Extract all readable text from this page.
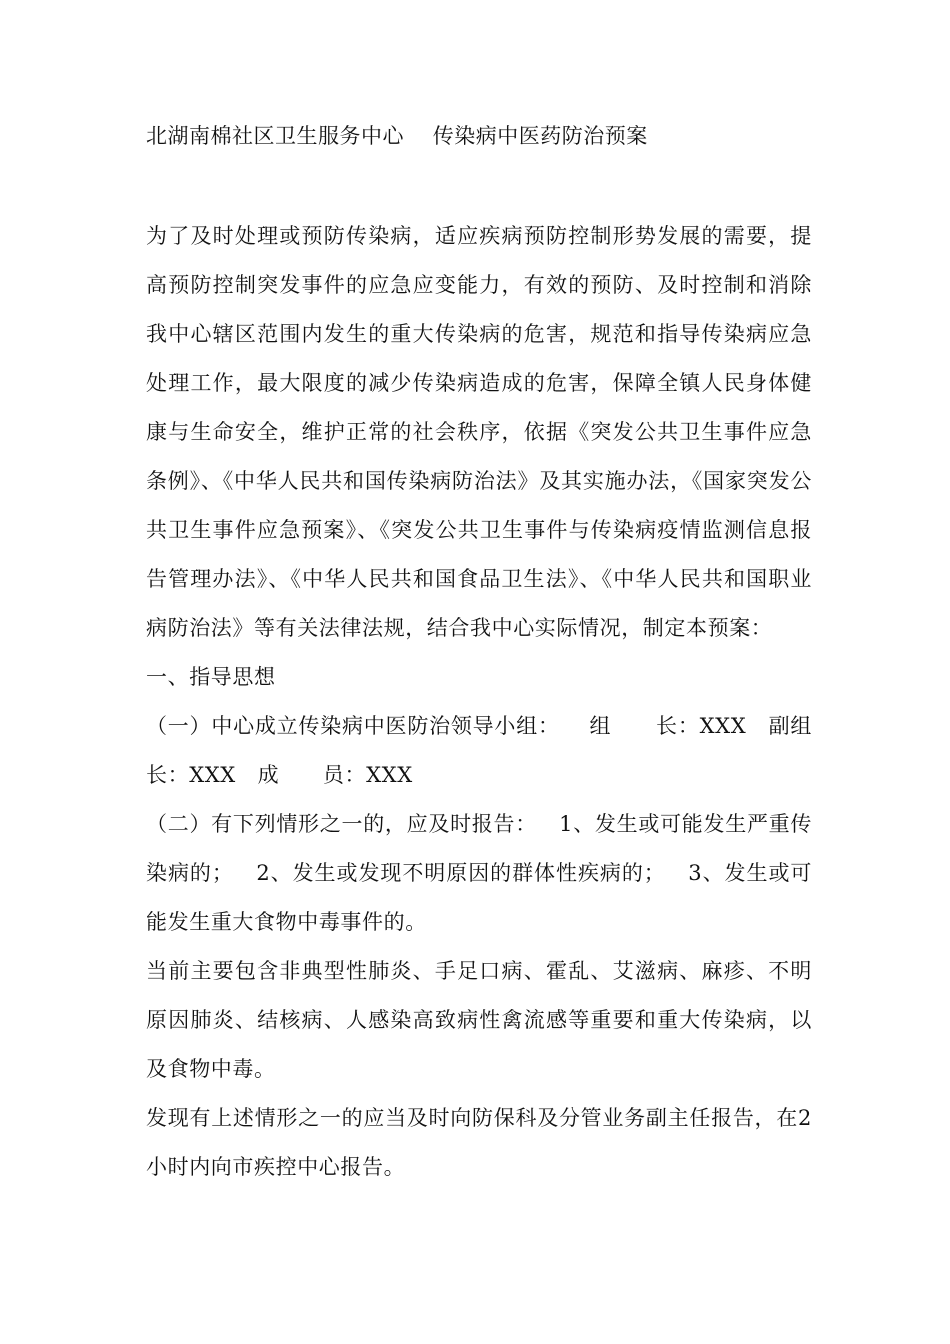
北湖南棉社区卫生服务中心    传染病中医药防治预案

为了及时处理或预防传染病，适应疾病预防控制形势发展的需要，提高预防控制突发事件的应急应变能力，有效的预防、及时控制和消除我中心辖区范围内发生的重大传染病的危害，规范和指导传染病应急处理工作，最大限度的减少传染病造成的危害，保障全镇人民身体健康与生命安全，维护正常的社会秩序，依据《突发公共卫生事件应急条例》、《中华人民共和国传染病防治法》及其实施办法，《国家突发公共卫生事件应急预案》、《突发公共卫生事件与传染病疫情监测信息报告管理办法》、《中华人民共和国食品卫生法》、《中华人民共和国职业病防治法》等有关法律法规，结合我中心实际情况，制定本预案：

一、指导思想

（一）中心成立传染病中医防治领导小组：    组      长：XXX   副组长：XXX   成      员：XXX

（二）有下列情形之一的，应及时报告：   1、发生或可能发生严重传染病的；   2、发生或发现不明原因的群体性疾病的；   3、发生或可能发生重大食物中毒事件的。

当前主要包含非典型性肺炎、手足口病、霍乱、艾滋病、麻疹、不明原因肺炎、结核病、人感染高致病性禽流感等重要和重大传染病，以及食物中毒。

发现有上述情形之一的应当及时向防保科及分管业务副主任报告，在2小时内向市疾控中心报告。
